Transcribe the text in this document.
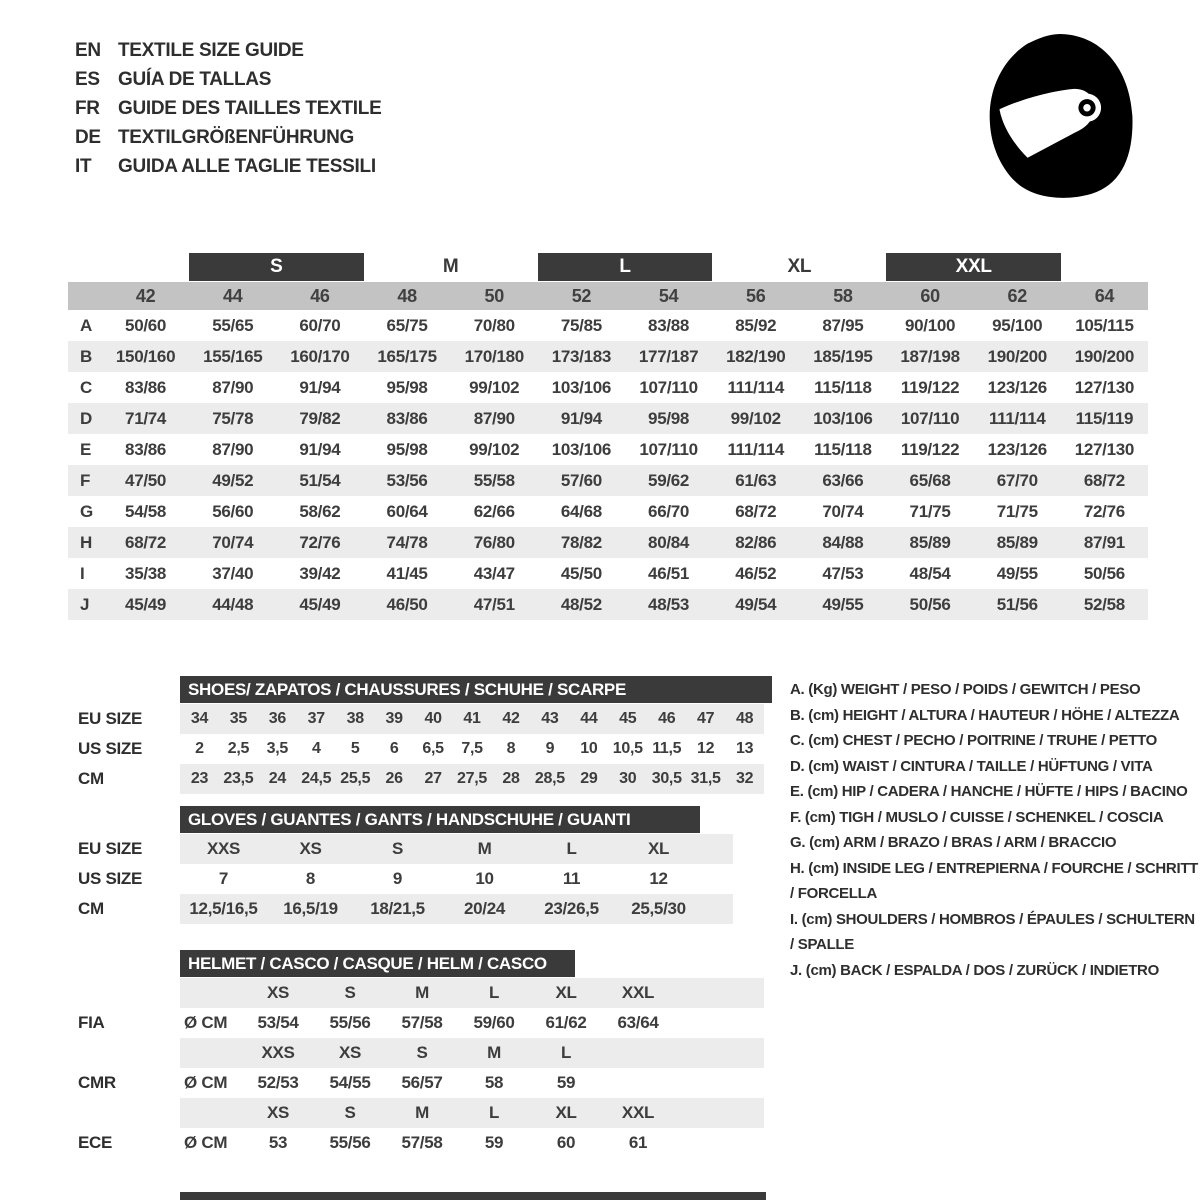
EN TEXTILE SIZE GUIDE
ES GUÍA DE TALLAS
FR GUIDE DES TAILLES TEXTILE
DE TEXTILGRÖßENFÜHRUNG
IT	GUIDA ALLE TAGLIE TESSILI
S	M	L	XL	XXL
42	44	46	48	50	52	54	56	58	60	62	64
A	50/60	55/65	60/70	65/75	70/80	75/85	83/88	85/92	87/95	90/100	95/100	105/115
B	150/160	155/165	160/170	165/175	170/180	173/183	177/187	182/190	185/195	187/198	190/200	190/200
C	83/86	87/90	91/94	95/98	99/102	103/106	107/110	111/114	115/118	119/122	123/126	127/130
D	71/74	75/78	79/82	83/86	87/90	91/94	95/98	99/102	103/106	107/110	111/114	115/119
E	83/86	87/90	91/94	95/98	99/102	103/106	107/110	111/114	115/118	119/122	123/126	127/130
F	47/50	49/52	51/54	53/56	55/58	57/60	59/62	61/63	63/66	65/68	67/70	68/72
G	54/58	56/60	58/62	60/64	62/66	64/68	66/70	68/72	70/74	71/75	71/75	72/76
H	68/72	70/74	72/76	74/78	76/80	78/82	80/84	82/86	84/88	85/89	85/89	87/91
I	35/38	37/40	39/42	41/45	43/47	45/50	46/51	46/52	47/53	48/54	49/55	50/56
J	45/49	44/48	45/49	46/50	47/51	48/52	48/53	49/54	49/55	50/56	51/56	52/58
SHOES/ ZAPATOS / CHAUSSURES / SCHUHE / SCARPE
EU SIZE	34	35	36	37	38	39	40	41	42	43	44	45	46	47	48
US SIZE	2	2,5	3,5	4	5	6	6,5	7,5	8	9	10 10,5 11,5 12	13
CM	23 23,5 24 24,5 25,5 26	27 27,5 28 28,5 29	30 30,5 31,5 32
GLOVES / GUANTES / GANTS / HANDSCHUHE / GUANTI
EU SIZE	XXS	XS	S	M	L	XL
US SIZE	7	8	9	10	11	12
CM	12,5/16,5	16,5/19	18/21,5	20/24	23/26,5	25,5/30
HELMET / CASCO / CASQUE / HELM / CASCO
XS	S	M	L	XL	XXL
FIA	Ø CM	53/54	55/56	57/58	59/60	61/62	63/64
XXS	XS	S	M	L
CMR	Ø CM	52/53	54/55	56/57	58	59
XS	S	M	L	XL	XXL
ECE	Ø CM	53	55/56	57/58	59	60	61
A. (Kg) WEIGHT / PESO / POIDS / GEWITCH / PESO
B. (cm) HEIGHT / ALTURA / HAUTEUR / HÖHE / ALTEZZA
C. (cm) CHEST / PECHO / POITRINE / TRUHE / PETTO
D. (cm) WAIST / CINTURA / TAILLE / HÜFTUNG / VITA
E. (cm) HIP / CADERA / HANCHE / HÜFTE / HIPS / BACINO
F. (cm) TIGH / MUSLO / CUISSE / SCHENKEL / COSCIA
G. (cm) ARM / BRAZO / BRAS / ARM / BRACCIO
H. (cm) INSIDE LEG / ENTREPIERNA / FOURCHE / SCHRITT / FORCELLA
I. (cm) SHOULDERS / HOMBROS / ÉPAULES / SCHULTERN / SPALLE
J. (cm) BACK / ESPALDA / DOS / ZURÜCK / INDIETRO
